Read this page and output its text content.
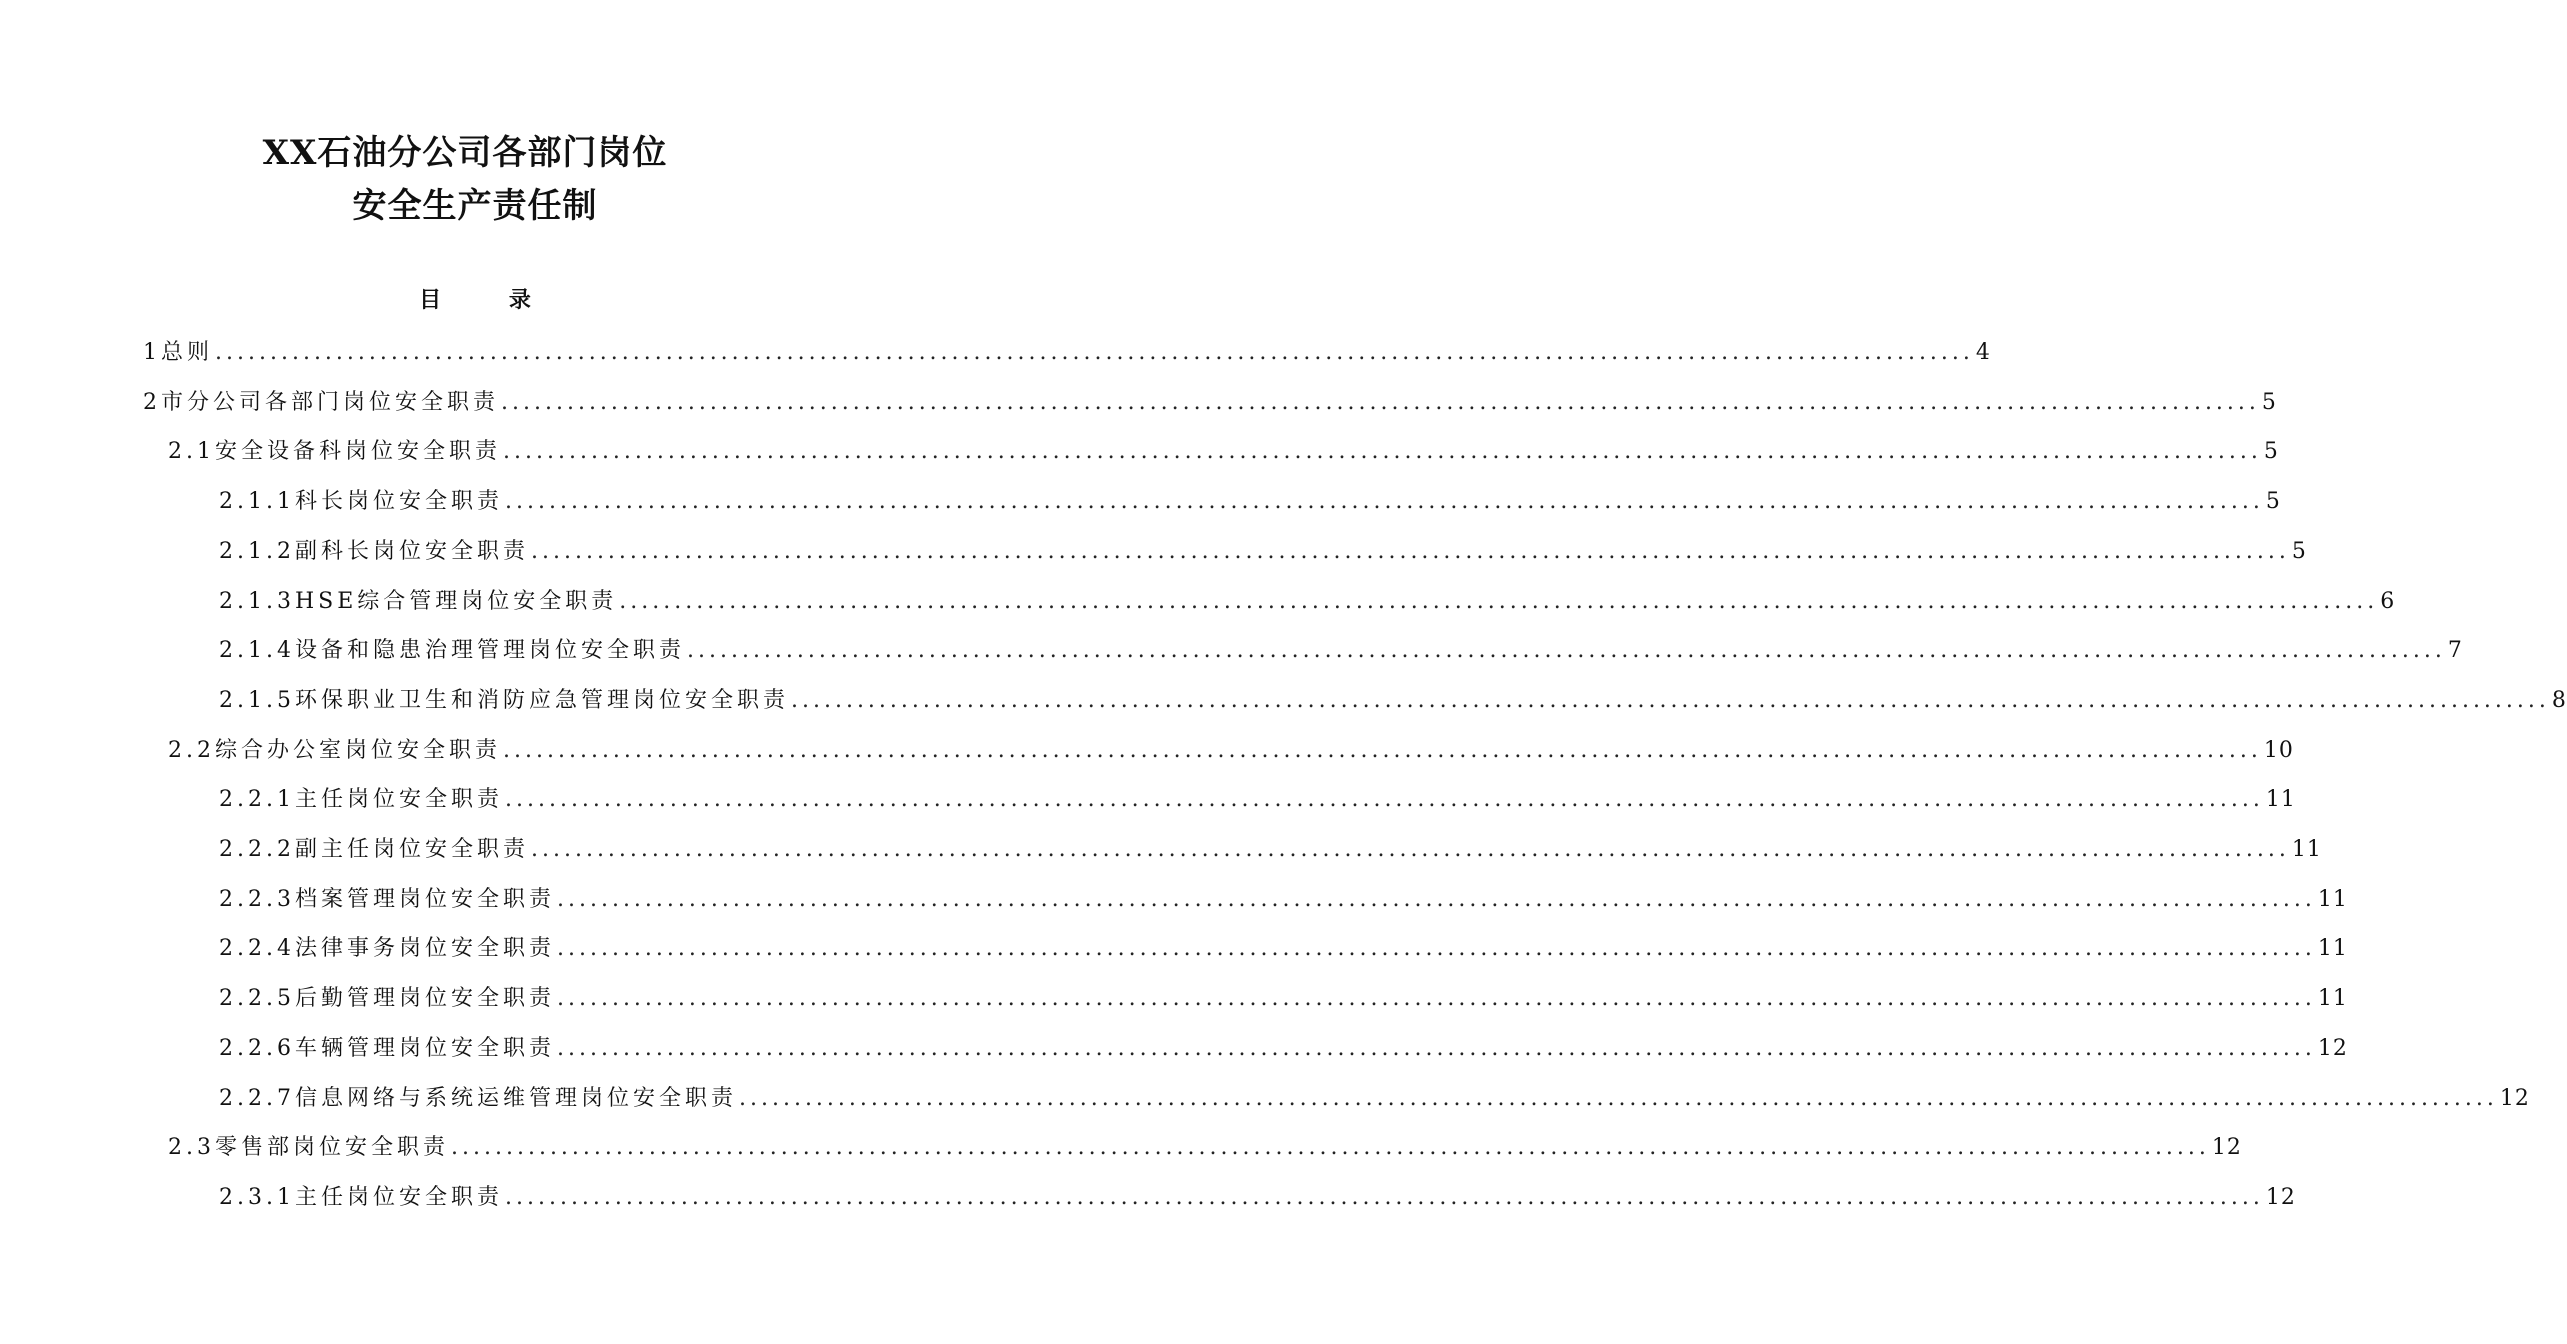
XX石油分公司各部门岗位
安全生产责任制
目 录
1总则 ................................................................................................................................................................ 4
2市分公司各部门岗位安全职责 ................................................................................................................................................................ 5
2.1安全设备科岗位安全职责 ................................................................................................................................................................ 5
2.1.1科长岗位安全职责 ................................................................................................................................................................ 5
2.1.2副科长岗位安全职责 ................................................................................................................................................................ 5
2.1.3HSE综合管理岗位安全职责 ................................................................................................................................................................ 6
2.1.4设备和隐患治理管理岗位安全职责 ................................................................................................................................................................ 7
2.1.5环保职业卫生和消防应急管理岗位安全职责 ................................................................................................................................................................ 8
2.2综合办公室岗位安全职责 ................................................................................................................................................................ 10
2.2.1主任岗位安全职责 ................................................................................................................................................................ 11
2.2.2副主任岗位安全职责 ................................................................................................................................................................ 11
2.2.3档案管理岗位安全职责 ................................................................................................................................................................ 11
2.2.4法律事务岗位安全职责 ................................................................................................................................................................ 11
2.2.5后勤管理岗位安全职责 ................................................................................................................................................................ 11
2.2.6车辆管理岗位安全职责 ................................................................................................................................................................ 12
2.2.7信息网络与系统运维管理岗位安全职责 ................................................................................................................................................................ 12
2.3零售部岗位安全职责 ................................................................................................................................................................ 12
2.3.1主任岗位安全职责 ................................................................................................................................................................ 12
